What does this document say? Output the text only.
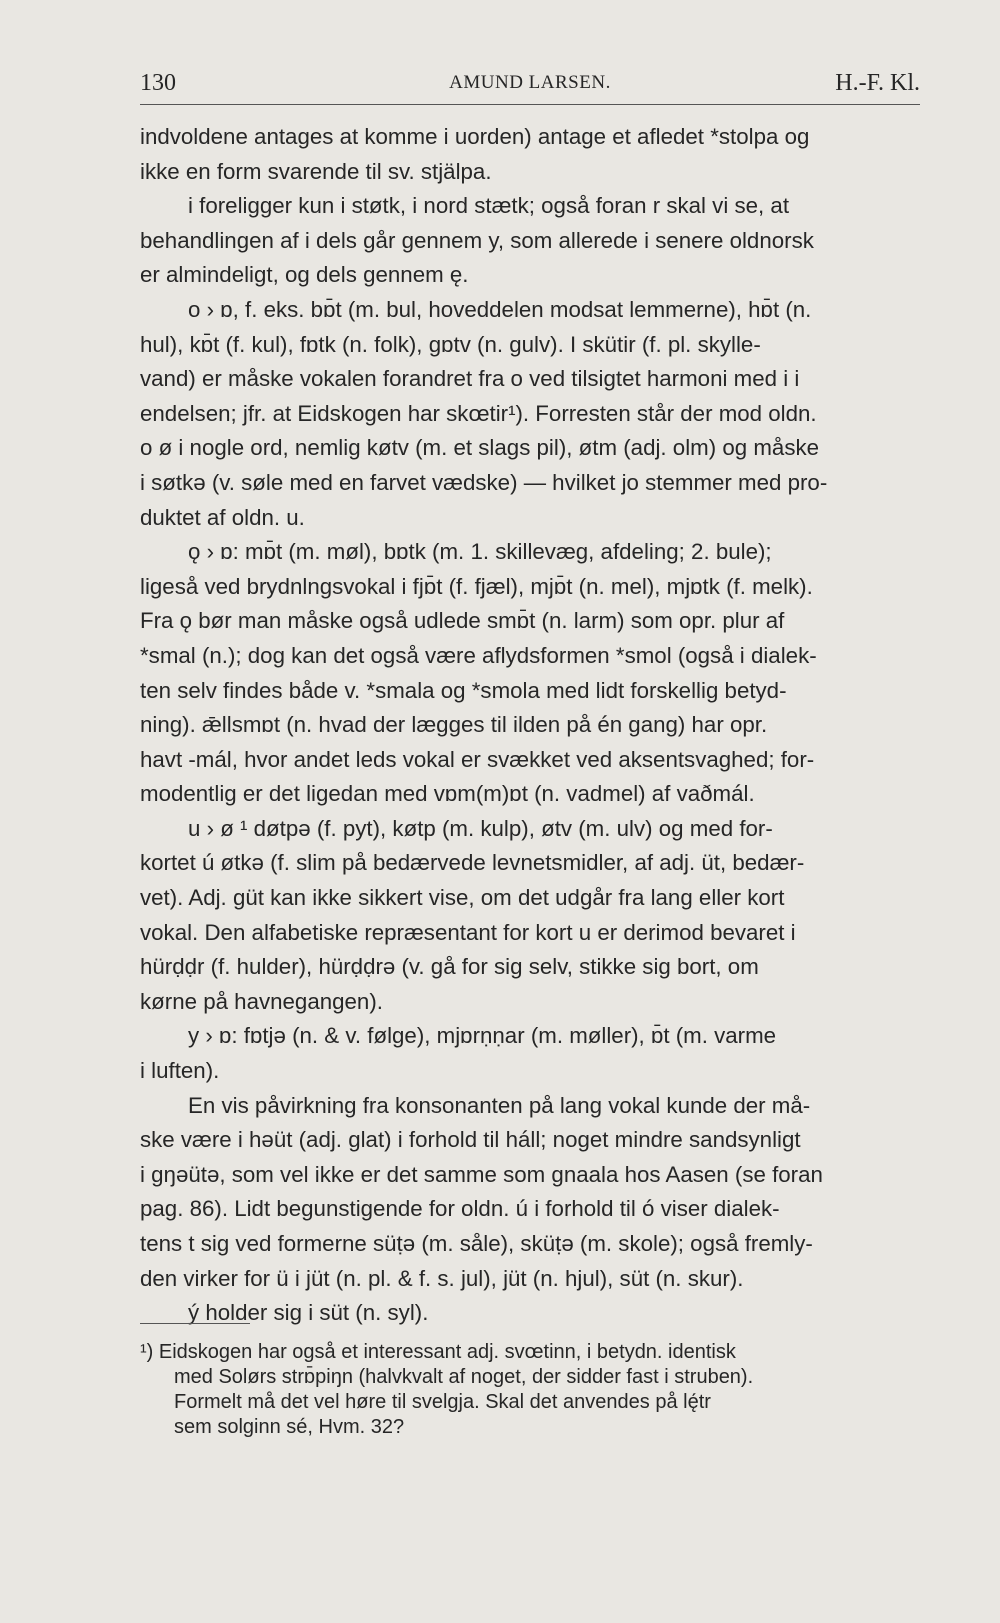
130	AMUND LARSEN.	H.-F. Kl.
indvoldene antages at komme i uorden) antage et afledet *stolpa og
ikke en form svarende til sv. stjälpa.
i foreligger kun i støtk, i nord stætk; også foran r skal vi se, at
behandlingen af i dels går gennem y, som allerede i senere oldnorsk
er almindeligt, og dels gennem ę.
o › ɒ, f. eks. bɒ̄t (m. bul, hoveddelen modsat lemmerne), hɒ̄t (n.
hul), kɒ̄t (f. kul), fɒtk (n. folk), gɒtv (n. gulv). I skütir (f. pl. skylle-
vand) er måske vokalen forandret fra o ved tilsigtet harmoni med i i
endelsen; jfr. at Eidskogen har skœtir¹). Forresten står der mod oldn.
o ø i nogle ord, nemlig køtv (m. et slags pil), øtm (adj. olm) og måske
i søtkə (v. søle med en farvet vædske) — hvilket jo stemmer med pro-
duktet af oldn. u.
ǫ › ɒ: mɒ̄t (m. møl), bɒtk (m. 1. skillevæg, afdeling; 2. bule);
ligeså ved brydnlngsvokal i fjɒ̄t (f. fjæl), mjɒ̄t (n. mel), mjɒtk (f. melk).
Fra ǫ bør man måske også udlede smɒ̄t (n. larm) som opr. plur af
*smal (n.); dog kan det også være aflydsformen *smol (også i dialek-
ten selv findes både v. *smala og *smola med lidt forskellig betyd-
ning). ǣllsmɒt (n. hvad der lægges til ilden på én gang) har opr.
havt -mál, hvor andet leds vokal er svækket ved aksentsvaghed; for-
modentlig er det ligedan med vɒm(m)ɒt (n. vadmel) af vaðmál.
u › ø ¹ døtpə (f. pyt), køtp (m. kulp), øtv (m. ulv) og med for-
kortet ú øtkə (f. slim på bedærvede levnetsmidler, af adj. üt, bedær-
vet). Adj. güt kan ikke sikkert vise, om det udgår fra lang eller kort
vokal. Den alfabetiske repræsentant for kort u er derimod bevaret i
hürḍḍr (f. hulder), hürḍḍrə (v. gå for sig selv, stikke sig bort, om
kørne på havnegangen).
y › ɒ: fɒtjə (n. & v. følge), mjɒrṇṇar (m. møller), ɒ̄t (m. varme
i luften).
En vis påvirkning fra konsonanten på lang vokal kunde der må-
ske være i həüt (adj. glat) i forhold til háll; noget mindre sandsynligt
i gŋəütə, som vel ikke er det samme som gnaala hos Aasen (se foran
pag. 86). Lidt begunstigende for oldn. ú i forhold til ó viser dialek-
tens t sig ved formerne süṭə (m. såle), sküṭə (m. skole); også fremly-
den virker for ü i jüt (n. pl. & f. s. jul), jüt (n. hjul), süt (n. skur).
ý holder sig i süt (n. syl).
¹) Eidskogen har også et interessant adj. svœtinn, i betydn. identisk
med Solørs strɒ̄piŋn (halvkvalt af noget, der sidder fast i struben).
Formelt må det vel høre til svelgja. Skal det anvendes på lę́tr
sem solginn sé, Hvm. 32?
